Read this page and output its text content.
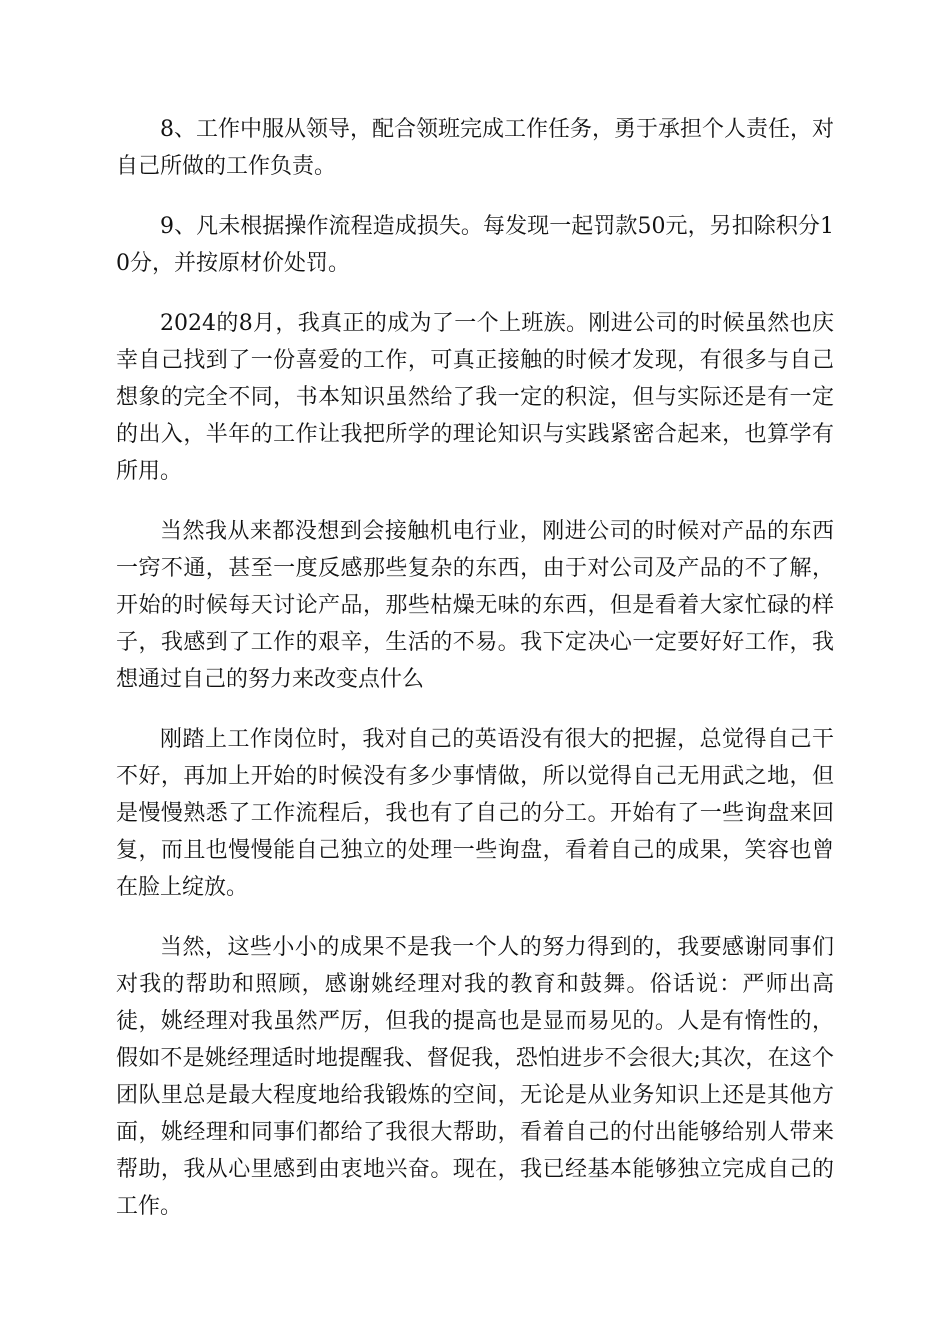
8、工作中服从领导，配合领班完成工作任务，勇于承担个人责任，对自己所做的工作负责。

9、凡未根据操作流程造成损失。每发现一起罚款50元，另扣除积分10分，并按原材价处罚。

2024的8月，我真正的成为了一个上班族。刚进公司的时候虽然也庆幸自己找到了一份喜爱的工作，可真正接触的时候才发现，有很多与自己想象的完全不同，书本知识虽然给了我一定的积淀，但与实际还是有一定的出入，半年的工作让我把所学的理论知识与实践紧密合起来，也算学有所用。

当然我从来都没想到会接触机电行业，刚进公司的时候对产品的东西一窍不通，甚至一度反感那些复杂的东西，由于对公司及产品的不了解，开始的时候每天讨论产品，那些枯燥无味的东西，但是看着大家忙碌的样子，我感到了工作的艰辛，生活的不易。我下定决心一定要好好工作，我想通过自己的努力来改变点什么

刚踏上工作岗位时，我对自己的英语没有很大的把握，总觉得自己干不好，再加上开始的时候没有多少事情做，所以觉得自己无用武之地，但是慢慢熟悉了工作流程后，我也有了自己的分工。开始有了一些询盘来回复，而且也慢慢能自己独立的处理一些询盘，看着自己的成果，笑容也曾在脸上绽放。

当然，这些小小的成果不是我一个人的努力得到的，我要感谢同事们对我的帮助和照顾，感谢姚经理对我的教育和鼓舞。俗话说：严师出高徒，姚经理对我虽然严厉，但我的提高也是显而易见的。人是有惰性的，假如不是姚经理适时地提醒我、督促我，恐怕进步不会很大;其次，在这个团队里总是最大程度地给我锻炼的空间，无论是从业务知识上还是其他方面，姚经理和同事们都给了我很大帮助，看着自己的付出能够给别人带来帮助，我从心里感到由衷地兴奋。现在，我已经基本能够独立完成自己的工作。
